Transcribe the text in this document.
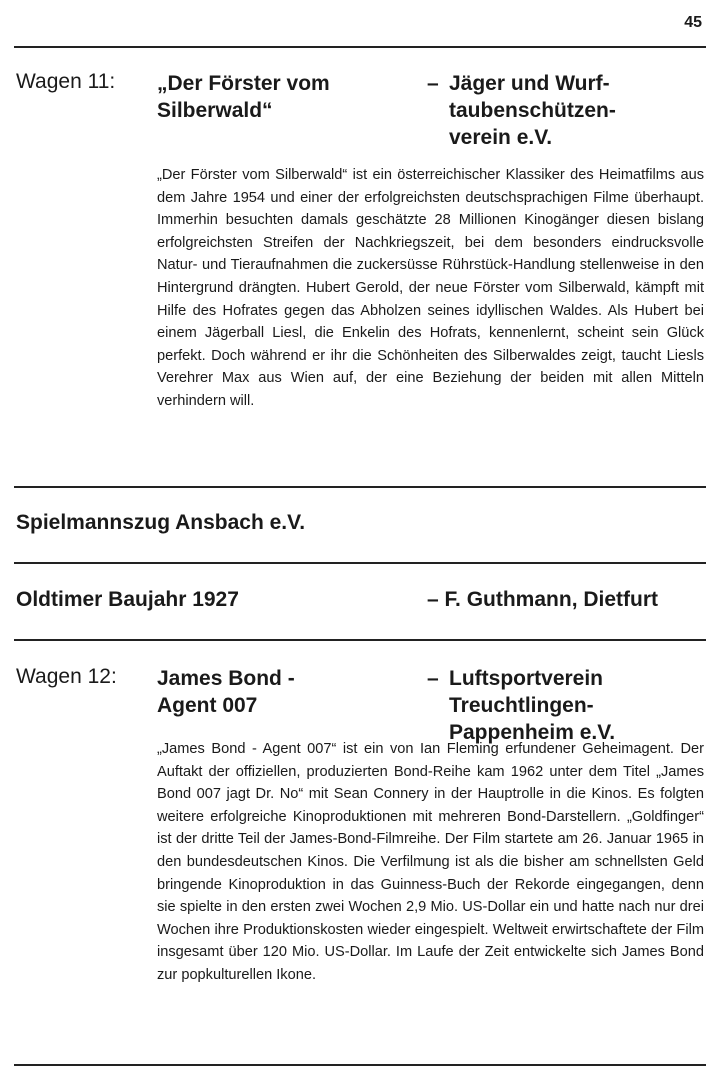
45
Wagen 11: „Der Förster vom
Silberwald“
– Jäger und Wurf-
taubenschützen-
verein e.V.
„Der Förster vom Silberwald“ ist ein österreichischer Klassiker des Heimatfilms aus dem Jahre 1954 und einer der erfolgreichsten deutschsprachigen Filme überhaupt. Immerhin besuchten damals geschätzte 28 Millionen Kinogänger diesen bislang erfolgreichsten Streifen der Nachkriegszeit, bei dem besonders eindrucksvolle Natur- und Tieraufnahmen die zuckersüsse Rührstück-Handlung stellenweise in den Hintergrund drängten. Hubert Gerold, der neue Förster vom Silberwald, kämpft mit Hilfe des Hofrates gegen das Abholzen seines idyllischen Waldes. Als Hubert bei einem Jägerball Liesl, die Enkelin des Hofrats, kennenlernt, scheint sein Glück perfekt. Doch während er ihr die Schönheiten des Silberwaldes zeigt, taucht Liesls Verehrer Max aus Wien auf, der eine Beziehung der beiden mit allen Mitteln verhindern will.
Spielmannszug Ansbach e.V.
Oldtimer Baujahr 1927	– F. Guthmann, Dietfurt
Wagen 12: James Bond -
Agent 007
– Luftsportverein
Treuchtlingen-
Pappenheim e.V.
„James Bond - Agent 007“ ist ein von Ian Fleming erfundener Geheimagent. Der Auftakt der offiziellen, produzierten Bond-Reihe kam 1962 unter dem Titel „James Bond 007 jagt Dr. No“ mit Sean Connery in der Hauptrolle in die Kinos. Es folgten weitere erfolgreiche Kinoproduktionen mit mehreren Bond-Darstellern. „Goldfinger“ ist der dritte Teil der James-Bond-Filmreihe. Der Film startete am 26. Januar 1965 in den bundesdeutschen Kinos. Die Verfilmung ist als die bisher am schnellsten Geld bringende Kinoproduktion in das Guinness-Buch der Rekorde eingegangen, denn sie spielte in den ersten zwei Wochen 2,9 Mio. US-Dollar ein und hatte nach nur drei Wochen ihre Produktionskosten wieder eingespielt. Weltweit erwirtschaftete der Film insgesamt über 120 Mio. US-Dollar. Im Laufe der Zeit entwickelte sich James Bond zur popkulturellen Ikone.
